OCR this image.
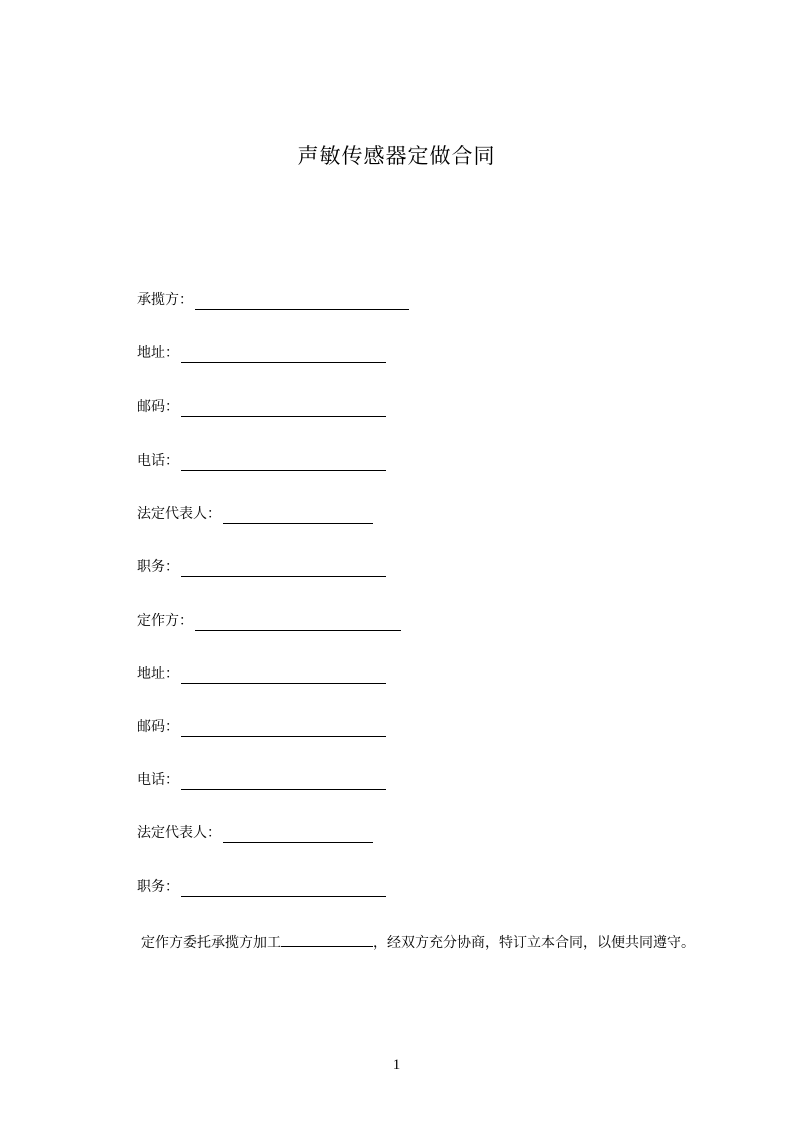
声敏传感器定做合同
承揽方：
地址：
邮码：
电话：
法定代表人：
职务：
定作方：
地址：
邮码：
电话：
法定代表人：
职务：
定作方委托承揽方加工	，经双方充分协商，特订立本合同，以便共同遵守。
1
